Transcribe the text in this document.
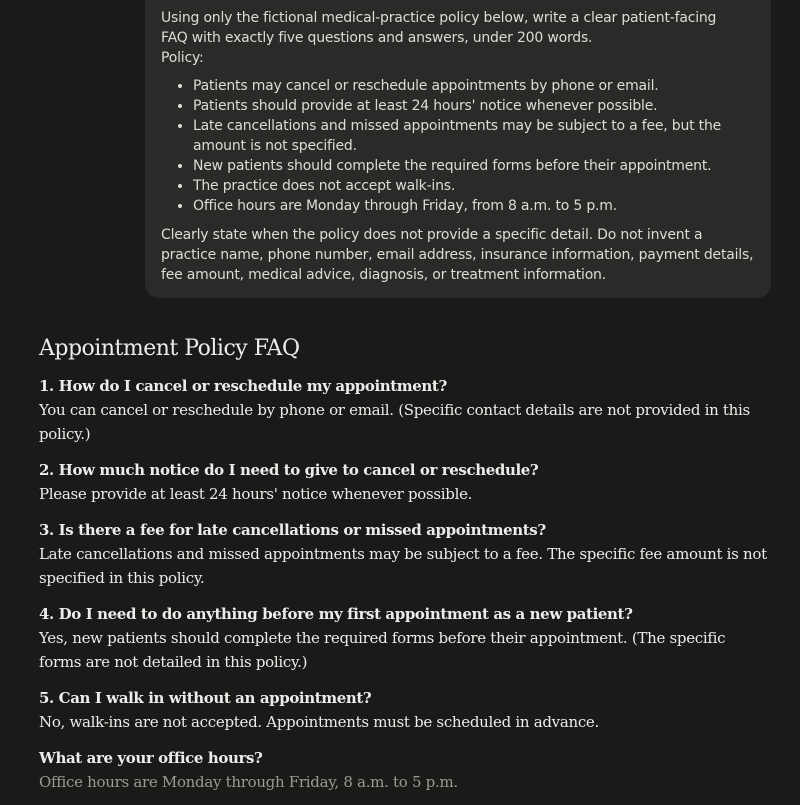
Using only the fictional medical-practice policy below, write a clear patient-facing
FAQ with exactly five questions and answers, under 200 words.
Policy:

• Patients may cancel or reschedule appointments by phone or email.
• Patients should provide at least 24 hours' notice whenever possible.
• Late cancellations and missed appointments may be subject to a fee, but the amount is not specified.
• New patients should complete the required forms before their appointment.
• The practice does not accept walk-ins.
• Office hours are Monday through Friday, from 8 a.m. to 5 p.m.

Clearly state when the policy does not provide a specific detail. Do not invent a practice name, phone number, email address, insurance information, payment details, fee amount, medical advice, diagnosis, or treatment information.

Appointment Policy FAQ
1. How do I cancel or reschedule my appointment?
You can cancel or reschedule by phone or email. (Specific contact details are not provided in this policy.)
2. How much notice do I need to give to cancel or reschedule?
Please provide at least 24 hours' notice whenever possible.
3. Is there a fee for late cancellations or missed appointments?
Late cancellations and missed appointments may be subject to a fee. The specific fee amount is not specified in this policy.
4. Do I need to do anything before my first appointment as a new patient?
Yes, new patients should complete the required forms before their appointment. (The specific forms are not detailed in this policy.)
5. Can I walk in without an appointment?
No, walk-ins are not accepted. Appointments must be scheduled in advance.
What are your office hours?
Office hours are Monday through Friday, 8 a.m. to 5 p.m.
